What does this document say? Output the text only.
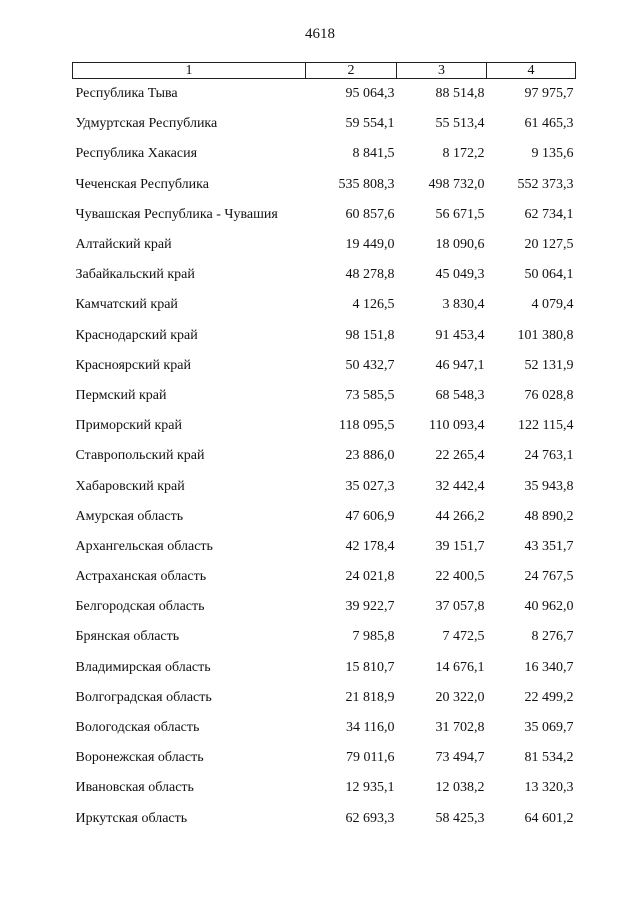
4618
1	2	3	4
Республика Тыва	95 064,3	88 514,8	97 975,7
Удмуртская Республика	59 554,1	55 513,4	61 465,3
Республика Хакасия	8 841,5	8 172,2	9 135,6
Чеченская Республика	535 808,3	498 732,0	552 373,3
Чувашская Республика - Чувашия	60 857,6	56 671,5	62 734,1
Алтайский край	19 449,0	18 090,6	20 127,5
Забайкальский край	48 278,8	45 049,3	50 064,1
Камчатский край	4 126,5	3 830,4	4 079,4
Краснодарский край	98 151,8	91 453,4	101 380,8
Красноярский край	50 432,7	46 947,1	52 131,9
Пермский край	73 585,5	68 548,3	76 028,8
Приморский край	118 095,5	110 093,4	122 115,4
Ставропольский край	23 886,0	22 265,4	24 763,1
Хабаровский край	35 027,3	32 442,4	35 943,8
Амурская область	47 606,9	44 266,2	48 890,2
Архангельская область	42 178,4	39 151,7	43 351,7
Астраханская область	24 021,8	22 400,5	24 767,5
Белгородская область	39 922,7	37 057,8	40 962,0
Брянская область	7 985,8	7 472,5	8 276,7
Владимирская область	15 810,7	14 676,1	16 340,7
Волгоградская область	21 818,9	20 322,0	22 499,2
Вологодская область	34 116,0	31 702,8	35 069,7
Воронежская область	79 011,6	73 494,7	81 534,2
Ивановская область	12 935,1	12 038,2	13 320,3
Иркутская область	62 693,3	58 425,3	64 601,2
